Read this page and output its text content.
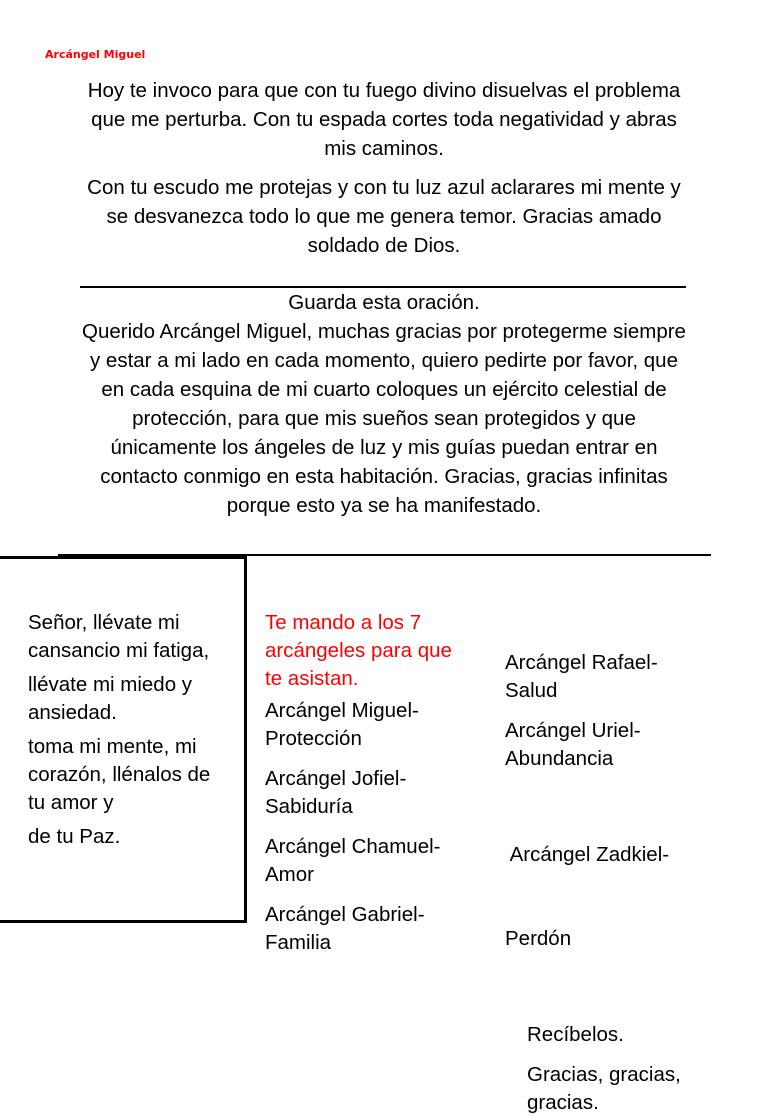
Arcángel Miguel
Hoy te invoco para que con tu fuego divino disuelvas el problema
que me perturba. Con tu espada cortes toda negatividad y abras
mis caminos.
Con tu escudo me protejas y con tu luz azul aclarares mi mente y
se desvanezca todo lo que me genera temor. Gracias amado
soldado de Dios.
Guarda esta oración.
Querido Arcángel Miguel, muchas gracias por protegerme siempre
y estar a mi lado en cada momento, quiero pedirte por favor, que
en cada esquina de mi cuarto coloques un ejército celestial de
protección, para que mis sueños sean protegidos y que
únicamente los ángeles de luz y mis guías puedan entrar en
contacto conmigo en esta habitación. Gracias, gracias infinitas
porque esto ya se ha manifestado.

Señor, llévate mi
cansancio mi fatiga,

llévate mi miedo y
ansiedad.

toma mi mente, mi
corazón, llénalos de
tu amor y

de tu Paz.

Te mando a los 7
arcángeles para que
te asistan.

Arcángel Miguel-
Protección

Arcángel Jofiel-
Sabiduría

Arcángel Chamuel-
Amor

Arcángel Gabriel-
Familia

Arcángel Rafael-
Salud

Arcángel Uriel-
Abundancia

Arcángel Zadkiel-

Perdón

Recíbelos.

Gracias, gracias,
gracias.
